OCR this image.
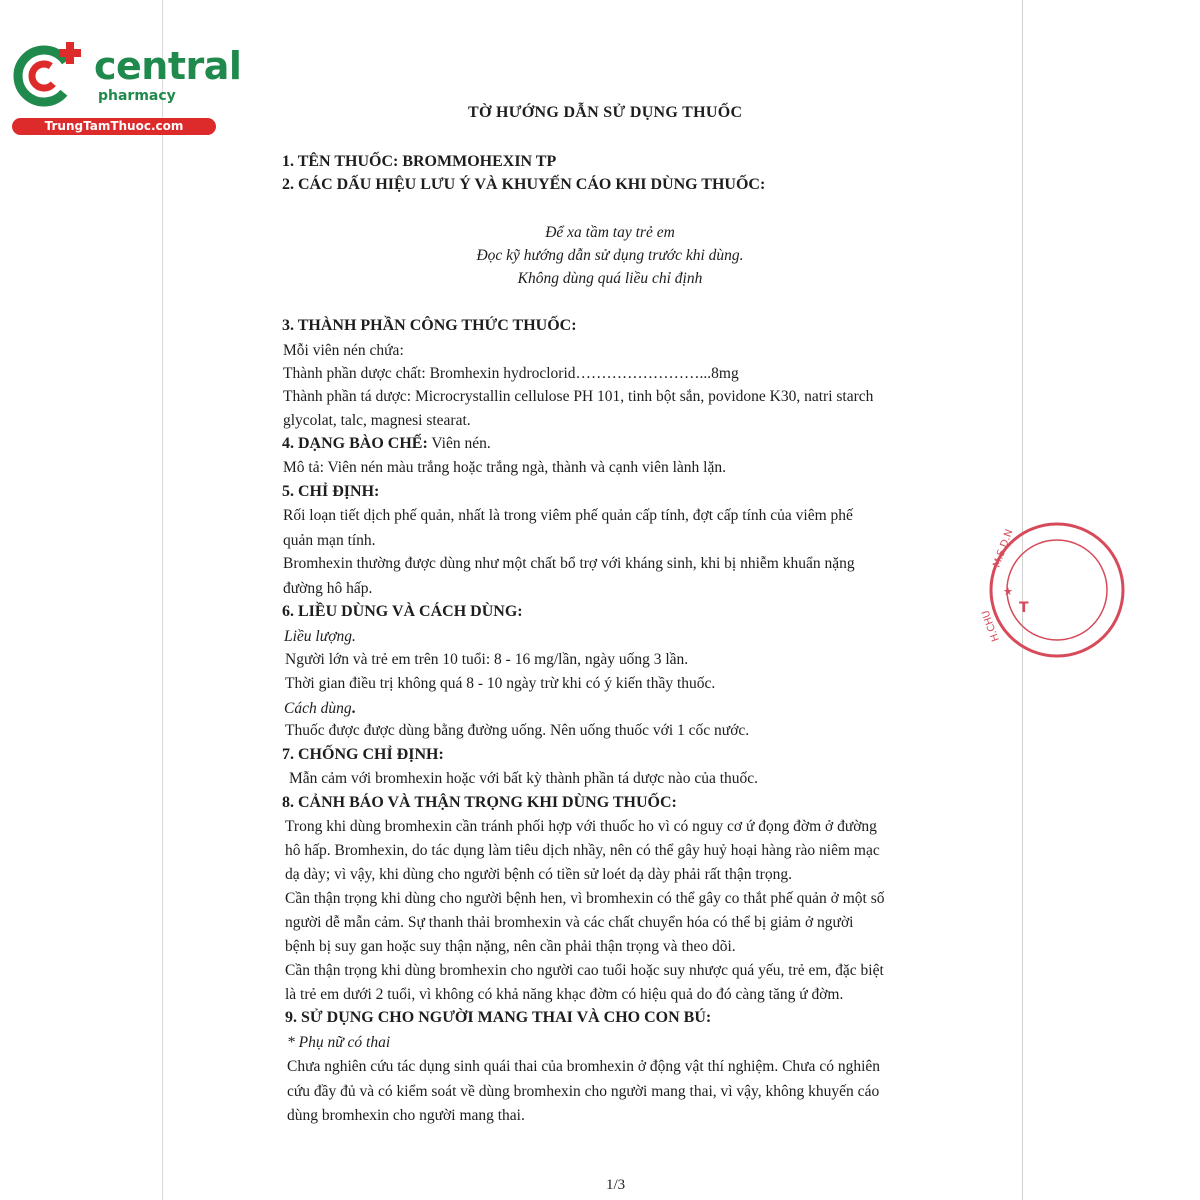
central
pharmacy
TrungTamThuoc.com
M.S.D.N
H.CHU
★
T
TỜ HƯỚNG DẪN SỬ DỤNG THUỐC
1. TÊN THUỐC: BROMMOHEXIN TP
2. CÁC DẤU HIỆU LƯU Ý VÀ KHUYẾN CÁO KHI DÙNG THUỐC:
Để xa tầm tay trẻ em
Đọc kỹ hướng dẫn sử dụng trước khi dùng.
Không dùng quá liều chỉ định
3. THÀNH PHẦN CÔNG THỨC THUỐC:
Mỗi viên nén chứa:
Thành phần dược chất: Bromhexin hydroclorid……………………...8mg
Thành phần tá dược: Microcrystallin cellulose PH 101, tinh bột sắn, povidone K30, natri starch
glycolat, talc, magnesi stearat.
4. DẠNG BÀO CHẾ: Viên nén.
Mô tả: Viên nén màu trắng hoặc trắng ngà, thành và cạnh viên lành lặn.
5. CHỈ ĐỊNH:
Rối loạn tiết dịch phế quản, nhất là trong viêm phế quản cấp tính, đợt cấp tính của viêm phế
quản mạn tính.
Bromhexin thường được dùng như một chất bổ trợ với kháng sinh, khi bị nhiễm khuẩn nặng
đường hô hấp.
6. LIỀU DÙNG VÀ CÁCH DÙNG:
Liều lượng.
Người lớn và trẻ em trên 10 tuổi: 8 - 16 mg/lần, ngày uống 3 lần.
Thời gian điều trị không quá 8 - 10 ngày trừ khi có ý kiến thầy thuốc.
Cách dùng.
Thuốc được được dùng bằng đường uống. Nên uống thuốc với 1 cốc nước.
7. CHỐNG CHỈ ĐỊNH:
Mẫn cảm với bromhexin hoặc với bất kỳ thành phần tá dược nào của thuốc.
8. CẢNH BÁO VÀ THẬN TRỌNG KHI DÙNG THUỐC:
Trong khi dùng bromhexin cần tránh phối hợp với thuốc ho vì có nguy cơ ứ đọng đờm ở đường
hô hấp. Bromhexin, do tác dụng làm tiêu dịch nhầy, nên có thể gây huỷ hoại hàng rào niêm mạc
dạ dày; vì vậy, khi dùng cho người bệnh có tiền sử loét dạ dày phải rất thận trọng.
Cần thận trọng khi dùng cho người bệnh hen, vì bromhexin có thể gây co thắt phế quản ở một số
người dễ mẫn cảm. Sự thanh thải bromhexin và các chất chuyển hóa có thể bị giảm ở người
bệnh bị suy gan hoặc suy thận nặng, nên cần phải thận trọng và theo dõi.
Cần thận trọng khi dùng bromhexin cho người cao tuổi hoặc suy nhược quá yếu, trẻ em, đặc biệt
là trẻ em dưới 2 tuổi, vì không có khả năng khạc đờm có hiệu quả do đó càng tăng ứ đờm.
9. SỬ DỤNG CHO NGƯỜI MANG THAI VÀ CHO CON BÚ:
* Phụ nữ có thai
Chưa nghiên cứu tác dụng sinh quái thai của bromhexin ở động vật thí nghiệm. Chưa có nghiên
cứu đầy đủ và có kiểm soát về dùng bromhexin cho người mang thai, vì vậy, không khuyến cáo
dùng bromhexin cho người mang thai.
1/3
